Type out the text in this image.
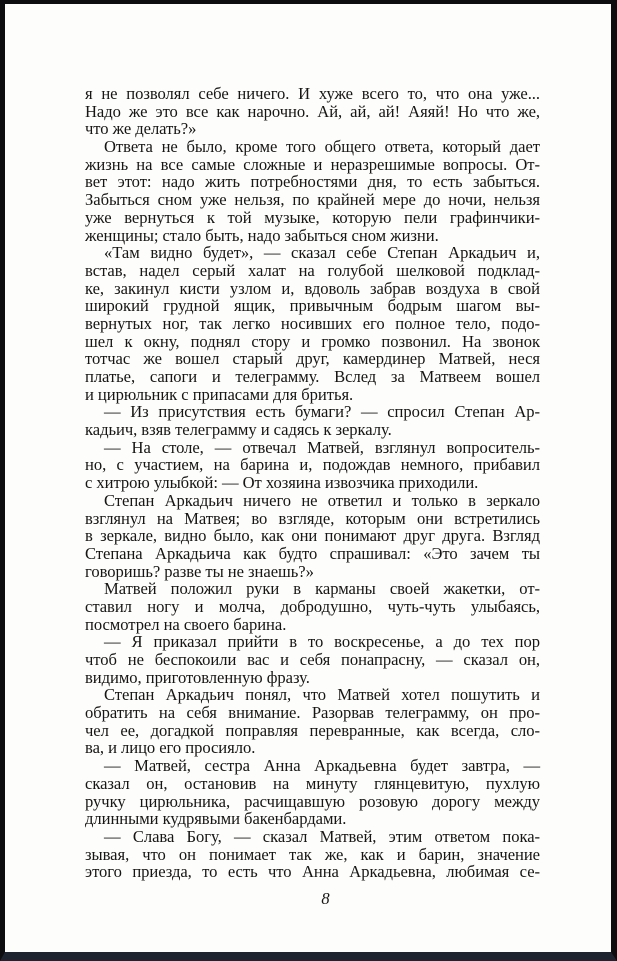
я не позволял себе ничего. И хуже всего то, что она уже...
Надо же это все как нарочно. Ай, ай, ай! Аяяй! Но что же,
что же делать?»
Ответа не было, кроме того общего ответа, который дает
жизнь на все самые сложные и неразрешимые вопросы. От-
вет этот: надо жить потребностями дня, то есть забыться.
Забыться сном уже нельзя, по крайней мере до ночи, нельзя
уже вернуться к той музыке, которую пели графинчики-
женщины; стало быть, надо забыться сном жизни.
«Там видно будет», — сказал себе Степан Аркадьич и,
встав, надел серый халат на голубой шелковой подклад-
ке, закинул кисти узлом и, вдоволь забрав воздуха в свой
широкий грудной ящик, привычным бодрым шагом вы-
вернутых ног, так легко носивших его полное тело, подо-
шел к окну, поднял стору и громко позвонил. На звонок
тотчас же вошел старый друг, камердинер Матвей, неся
платье, сапоги и телеграмму. Вслед за Матвеем вошел
и цирюльник с припасами для бритья.
— Из присутствия есть бумаги? — спросил Степан Ар-
кадьич, взяв телеграмму и садясь к зеркалу.
— На столе, — отвечал Матвей, взглянул вопроситель-
но, с участием, на барина и, подождав немного, прибавил
с хитрою улыбкой: — От хозяина извозчика приходили.
Степан Аркадьич ничего не ответил и только в зеркало
взглянул на Матвея; во взгляде, которым они встретились
в зеркале, видно было, как они понимают друг друга. Взгляд
Степана Аркадьича как будто спрашивал: «Это зачем ты
говоришь? разве ты не знаешь?»
Матвей положил руки в карманы своей жакетки, от-
ставил ногу и молча, добродушно, чуть-чуть улыбаясь,
посмотрел на своего барина.
— Я приказал прийти в то воскресенье, а до тех пор
чтоб не беспокоили вас и себя понапрасну, — сказал он,
видимо, приготовленную фразу.
Степан Аркадьич понял, что Матвей хотел пошутить и
обратить на себя внимание. Разорвав телеграмму, он про-
чел ее, догадкой поправляя перевранные, как всегда, сло-
ва, и лицо его просияло.
— Матвей, сестра Анна Аркадьевна будет завтра, —
сказал он, остановив на минуту глянцевитую, пухлую
ручку цирюльника, расчищавшую розовую дорогу между
длинными кудрявыми бакенбардами.
— Слава Богу, — сказал Матвей, этим ответом пока-
зывая, что он понимает так же, как и барин, значение
этого приезда, то есть что Анна Аркадьевна, любимая се-
8
